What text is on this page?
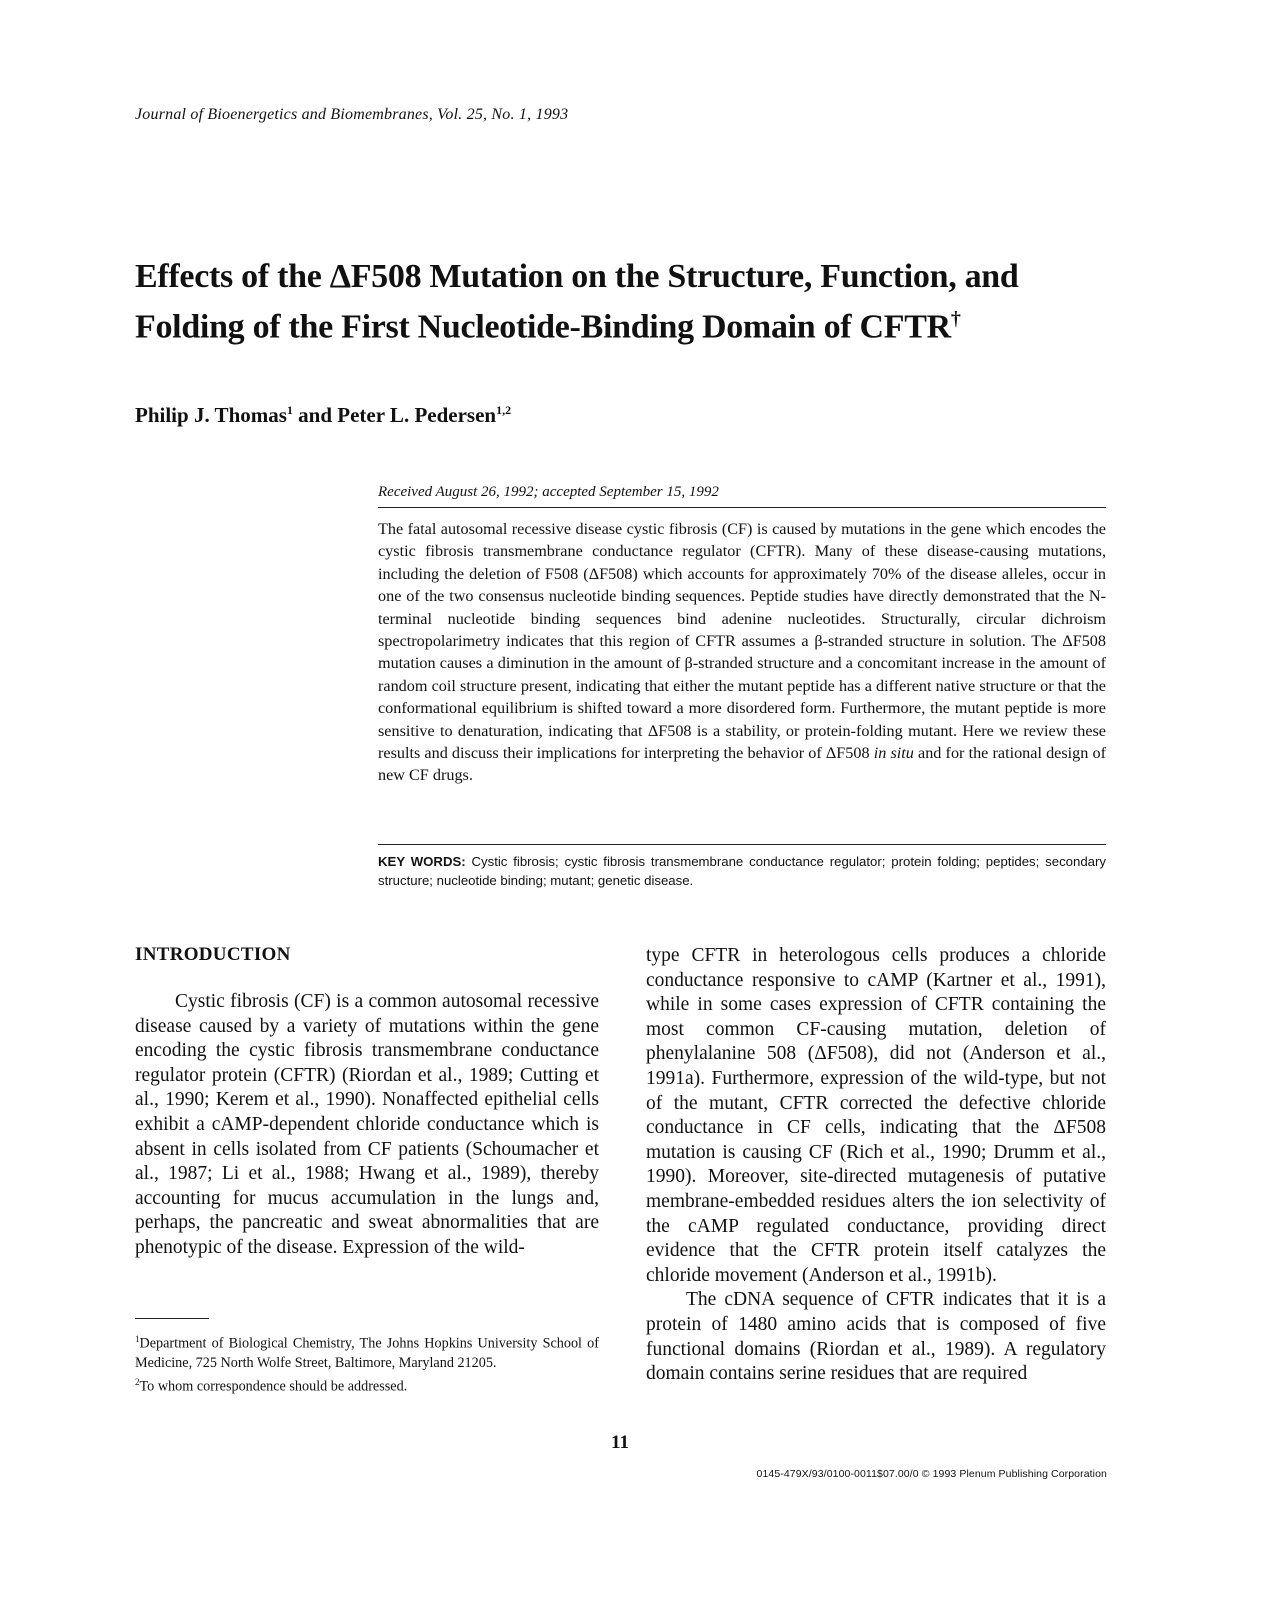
Journal of Bioenergetics and Biomembranes, Vol. 25, No. 1, 1993
Effects of the ΔF508 Mutation on the Structure, Function, and
Folding of the First Nucleotide-Binding Domain of CFTR†

Philip J. Thomas$^1$ and Peter L. Pedersen$^{1,2}$

Received August 26, 1992; accepted September 15, 1992

The fatal autosomal recessive disease cystic fibrosis (CF) is caused by mutations in the gene which encodes the cystic fibrosis transmembrane conductance regulator (CFTR). Many of these disease-causing mutations, including the deletion of F508 (ΔF508) which accounts for approximately 70% of the disease alleles, occur in one of the two consensus nucleotide binding sequences. Peptide studies have directly demonstrated that the N-terminal nucleotide binding sequences bind adenine nucleotides. Structurally, circular dichroism spectropolarimetry indicates that this region of CFTR assumes a β-stranded structure in solution. The ΔF508 mutation causes a diminution in the amount of β-stranded structure and a concomitant increase in the amount of random coil structure present, indicating that either the mutant peptide has a different native structure or that the conformational equilibrium is shifted toward a more disordered form. Furthermore, the mutant peptide is more sensitive to denaturation, indicating that ΔF508 is a stability, or protein-folding mutant. Here we review these results and discuss their implications for interpreting the behavior of ΔF508 in situ and for the rational design of new CF drugs.

KEY WORDS: Cystic fibrosis; cystic fibrosis transmembrane conductance regulator; protein folding; peptides; secondary structure; nucleotide binding; mutant; genetic disease.

INTRODUCTION

Cystic fibrosis (CF) is a common autosomal recessive disease caused by a variety of mutations within the gene encoding the cystic fibrosis transmembrane conductance regulator protein (CFTR) (Riordan et al., 1989; Cutting et al., 1990; Kerem et al., 1990). Nonaffected epithelial cells exhibit a cAMP-dependent chloride conductance which is absent in cells isolated from CF patients (Schoumacher et al., 1987; Li et al., 1988; Hwang et al., 1989), thereby accounting for mucus accumulation in the lungs and, perhaps, the pancreatic and sweat abnormalities that are phenotypic of the disease. Expression of the wild-

type CFTR in heterologous cells produces a chloride conductance responsive to cAMP (Kartner et al., 1991), while in some cases expression of CFTR containing the most common CF-causing mutation, deletion of phenylalanine 508 (ΔF508), did not (Anderson et al., 1991a). Furthermore, expression of the wild-type, but not of the mutant, CFTR corrected the defective chloride conductance in CF cells, indicating that the ΔF508 mutation is causing CF (Rich et al., 1990; Drumm et al., 1990). Moreover, site-directed mutagenesis of putative membrane-embedded residues alters the ion selectivity of the cAMP regulated conductance, providing direct evidence that the CFTR protein itself catalyzes the chloride movement (Anderson et al., 1991b).

The cDNA sequence of CFTR indicates that it is a protein of 1480 amino acids that is composed of five functional domains (Riordan et al., 1989). A regulatory domain contains serine residues that are required

$^1$Department of Biological Chemistry, The Johns Hopkins University School of Medicine, 725 North Wolfe Street, Baltimore, Maryland 21205.

$^2$To whom correspondence should be addressed.

11
0145-479X/93/0100-0011$07.00/0 © 1993 Plenum Publishing Corporation
